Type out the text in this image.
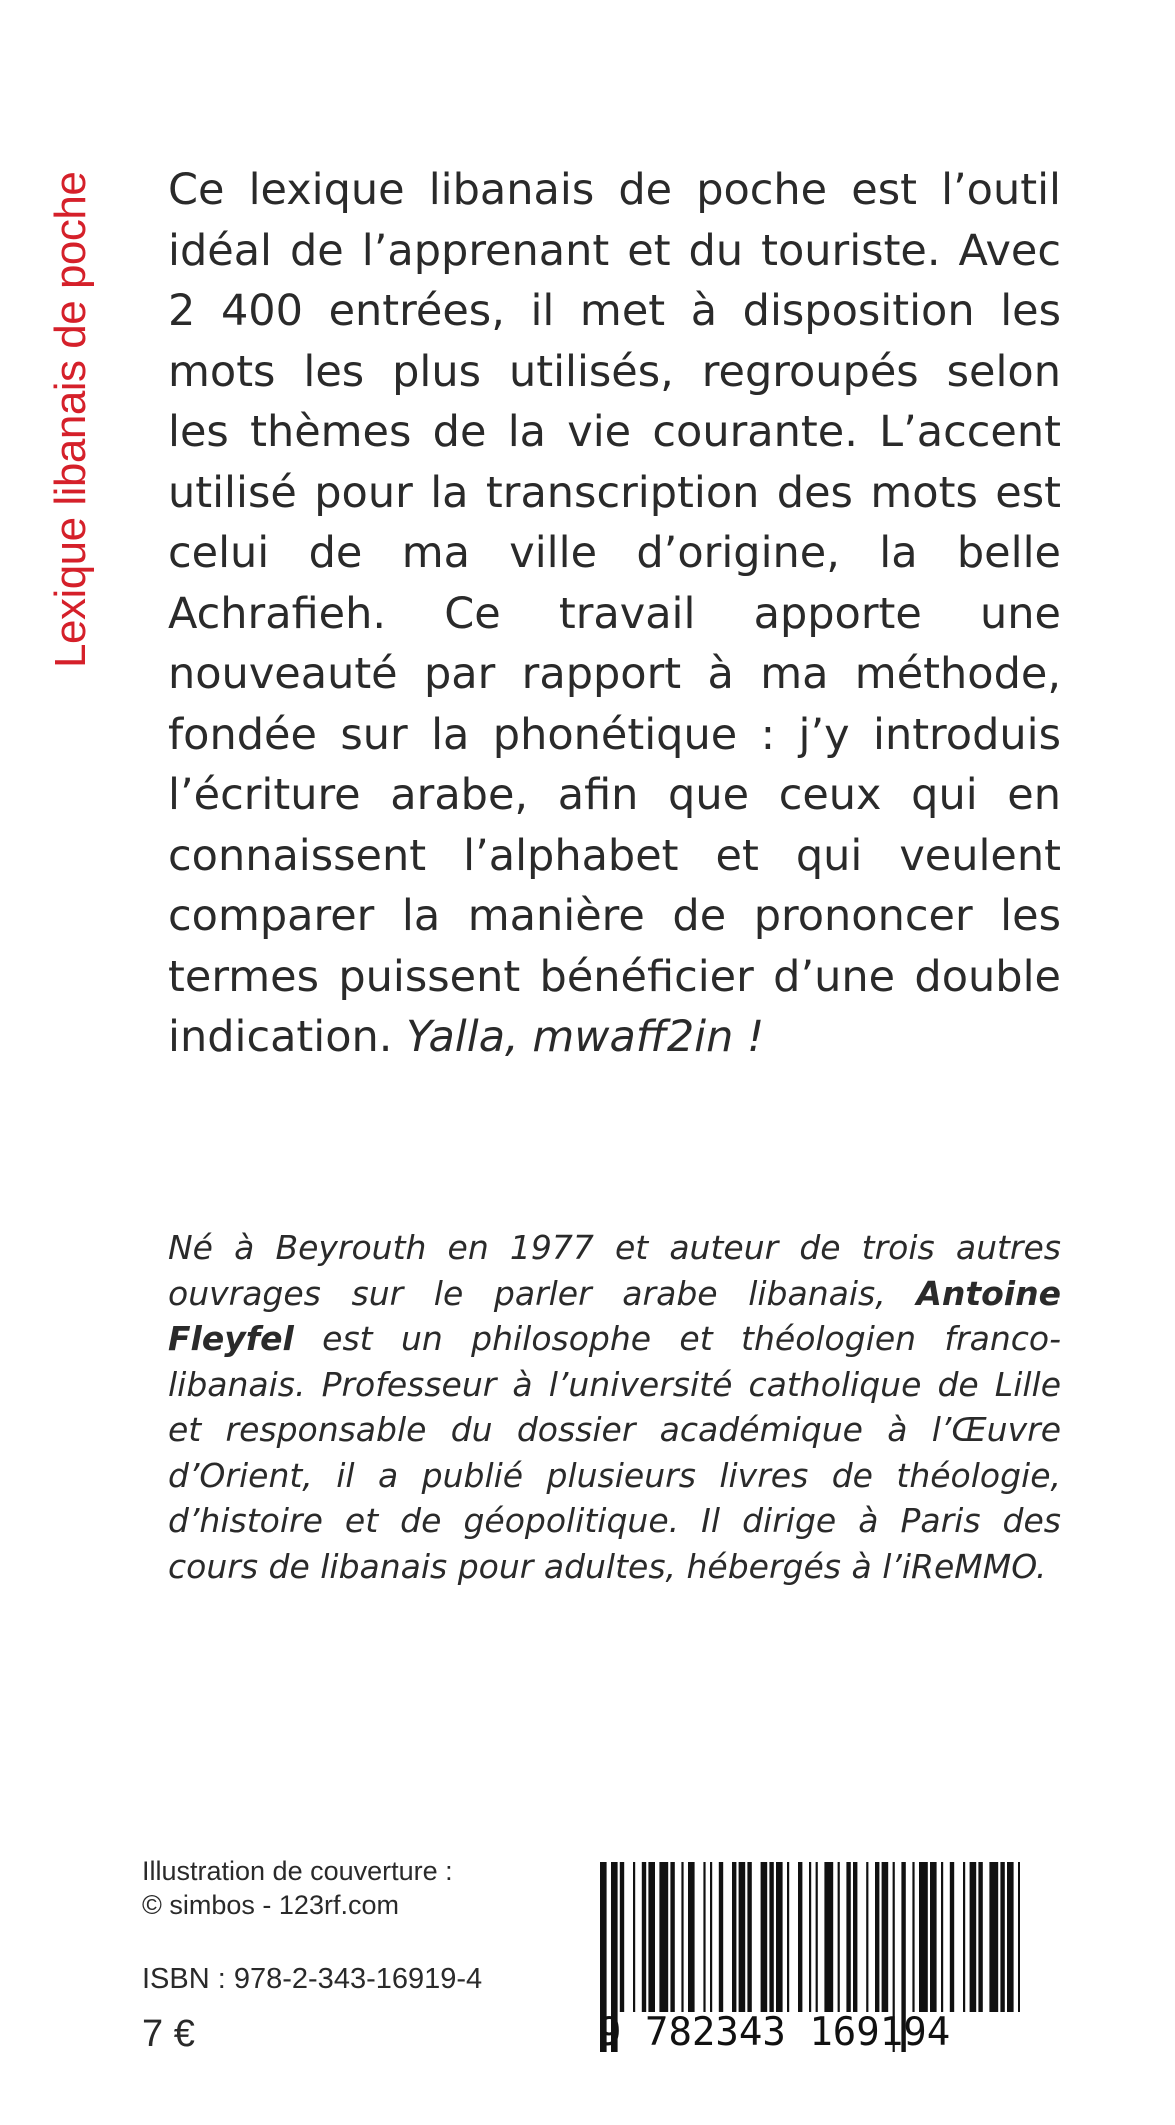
Lexique libanais de poche Ce lexique libanais de poche est l’outil idéal de l’apprenant et du touriste. Avec 2 400 entrées, il met à disposition les mots les plus utilisés, regroupés selon les thèmes de la vie courante. L’accent utilisé pour la transcription des mots est celui de ma ville d’origine, la belle Achrafieh. Ce travail apporte une nouveauté par rapport à ma méthode, fondée sur la phonétique : j’y introduis l’écriture arabe, afin que ceux qui en connaissent l’alphabet et qui veulent comparer la manière de prononcer les termes puissent bénéficier d’une double indication. Yalla, mwaff2in !

Né à Beyrouth en 1977 et auteur de trois autres ouvrages sur le parler arabe libanais, Antoine Fleyfel est un philosophe et théologien franco-libanais. Professeur à l’université catholique de Lille et responsable du dossier académique à l’Œuvre d’Orient, il a publié plusieurs livres de théologie, d’histoire et de géopolitique. Il dirige à Paris des cours de libanais pour adultes, hébergés à l’iReMMO.

Illustration de couverture :
© simbos - 123rf.com
ISBN : 978-2-343-16919-4
7 €	9 782343 169194
